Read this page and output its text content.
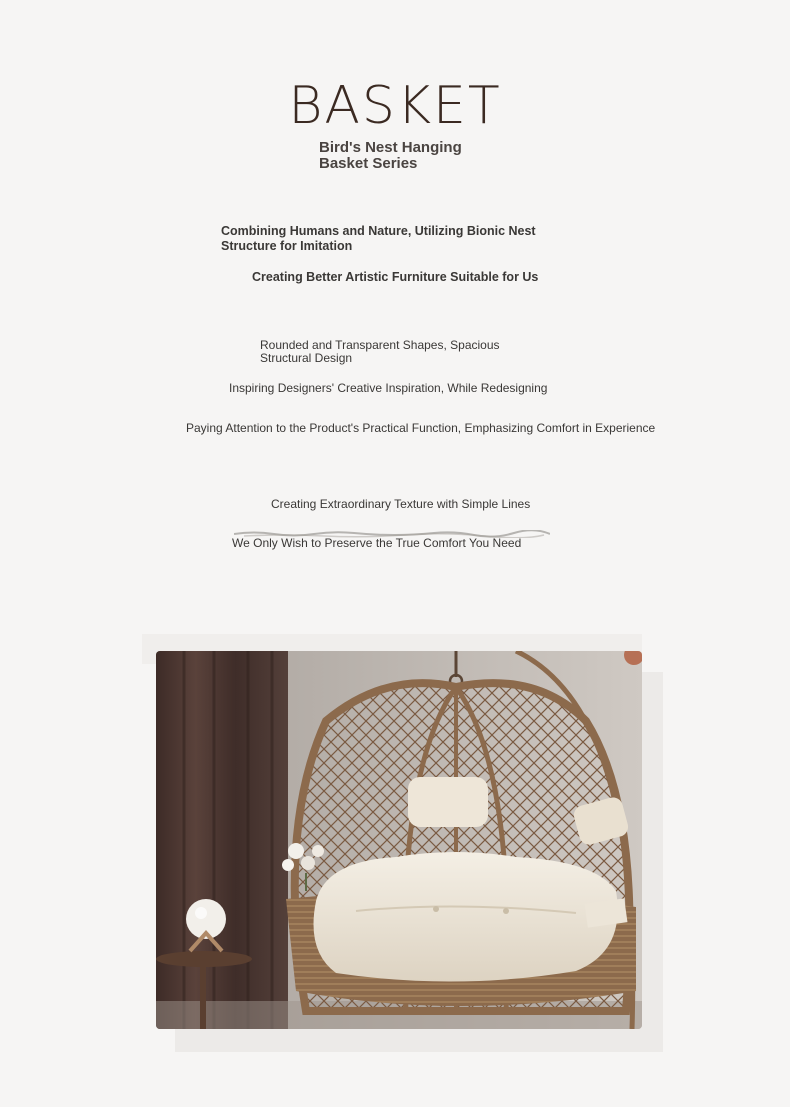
BASKET
Bird's Nest Hanging Basket Series
Combining Humans and Nature, Utilizing Bionic Nest Structure for Imitation
Creating Better Artistic Furniture Suitable for Us
Rounded and Transparent Shapes, Spacious Structural Design
Inspiring Designers' Creative Inspiration, While Redesigning
Paying Attention to the Product's Practical Function, Emphasizing Comfort in Experience
Creating Extraordinary Texture with Simple Lines
We Only Wish to Preserve the True Comfort You Need
